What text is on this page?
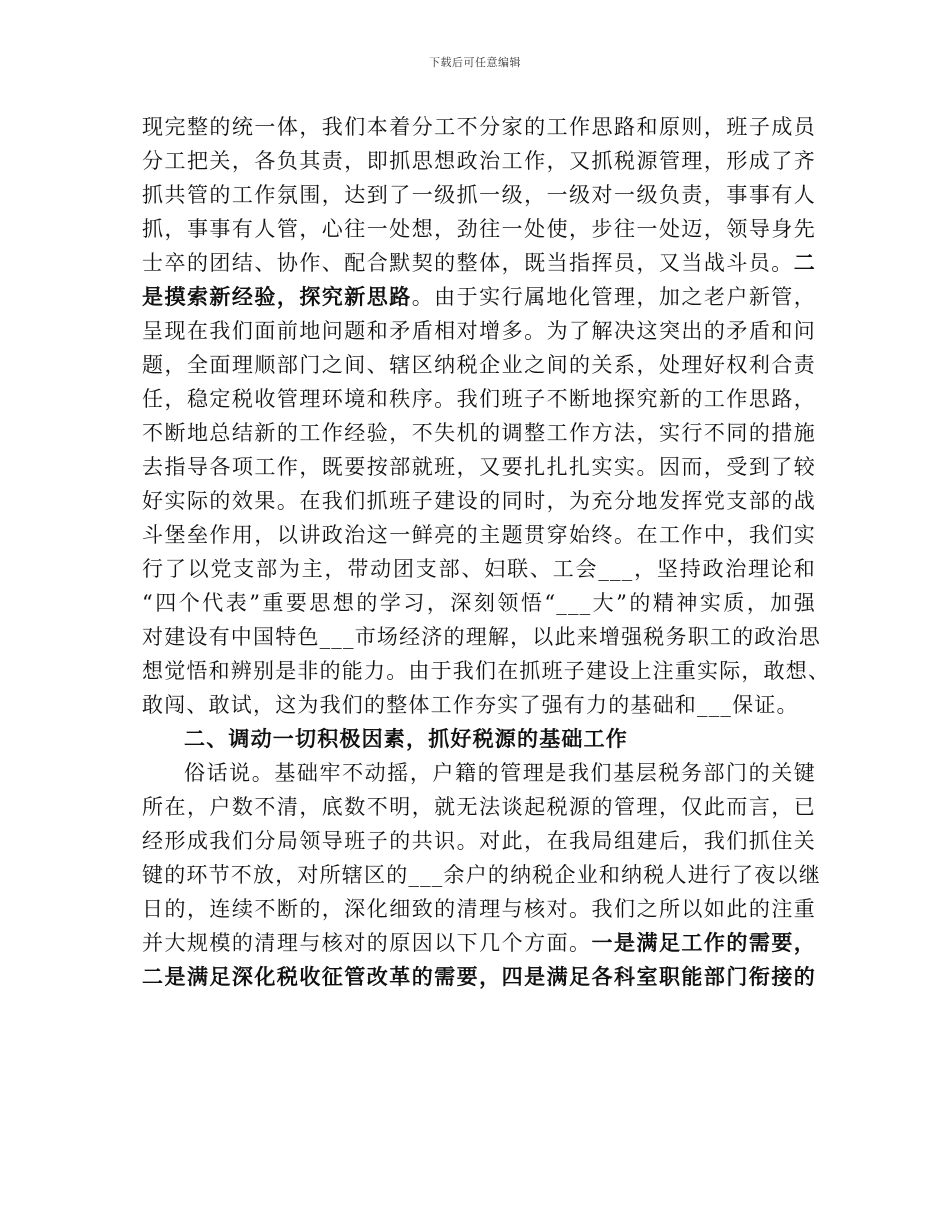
下载后可任意编辑
现完整的统一体，我们本着分工不分家的工作思路和原则，班子成员
分工把关，各负其责，即抓思想政治工作，又抓税源管理，形成了齐
抓共管的工作氛围，达到了一级抓一级，一级对一级负责，事事有人
抓，事事有人管，心往一处想，劲往一处使，步往一处迈，领导身先
士卒的团结、协作、配合默契的整体，既当指挥员，又当战斗员。二
是摸索新经验，探究新思路。由于实行属地化管理，加之老户新管，
呈现在我们面前地问题和矛盾相对增多。为了解决这突出的矛盾和问
题，全面理顺部门之间、辖区纳税企业之间的关系，处理好权利合责
任，稳定税收管理环境和秩序。我们班子不断地探究新的工作思路，
不断地总结新的工作经验，不失机的调整工作方法，实行不同的措施
去指导各项工作，既要按部就班，又要扎扎扎实实。因而，受到了较
好实际的效果。在我们抓班子建设的同时，为充分地发挥党支部的战
斗堡垒作用，以讲政治这一鲜亮的主题贯穿始终。在工作中，我们实
行了以党支部为主，带动团支部、妇联、工会___，坚持政治理论和
“四个代表”重要思想的学习，深刻领悟“___大”的精神实质，加强
对建设有中国特色___市场经济的理解，以此来增强税务职工的政治思
想觉悟和辨别是非的能力。由于我们在抓班子建设上注重实际，敢想、
敢闯、敢试，这为我们的整体工作夯实了强有力的基础和___保证。
二、调动一切积极因素，抓好税源的基础工作
俗话说。基础牢不动摇，户籍的管理是我们基层税务部门的关键
所在，户数不清，底数不明，就无法谈起税源的管理，仅此而言，已
经形成我们分局领导班子的共识。对此，在我局组建后，我们抓住关
键的环节不放，对所辖区的___余户的纳税企业和纳税人进行了夜以继
日的，连续不断的，深化细致的清理与核对。我们之所以如此的注重
并大规模的清理与核对的原因以下几个方面。一是满足工作的需要，
二是满足深化税收征管改革的需要，四是满足各科室职能部门衔接的
